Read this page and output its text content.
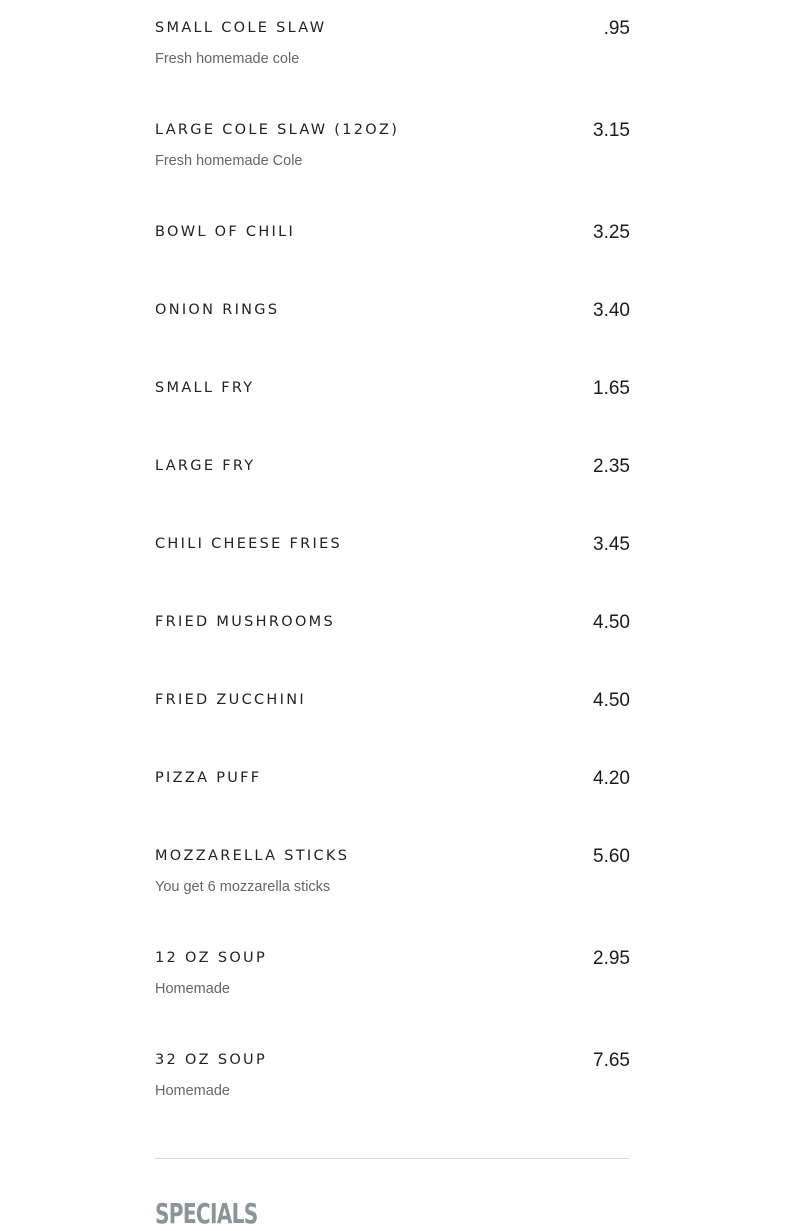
SMALL COLE SLAW	.95
Fresh homemade cole
LARGE COLE SLAW (12OZ)	3.15
Fresh homemade Cole
BOWL OF CHILI	3.25
ONION RINGS	3.40
SMALL FRY	1.65
LARGE FRY	2.35
CHILI CHEESE FRIES	3.45
FRIED MUSHROOMS	4.50
FRIED ZUCCHINI	4.50
PIZZA PUFF	4.20
MOZZARELLA STICKS	5.60
You get 6 mozzarella sticks
12 OZ SOUP	2.95
Homemade
32 OZ SOUP	7.65
Homemade
SPECIALS
